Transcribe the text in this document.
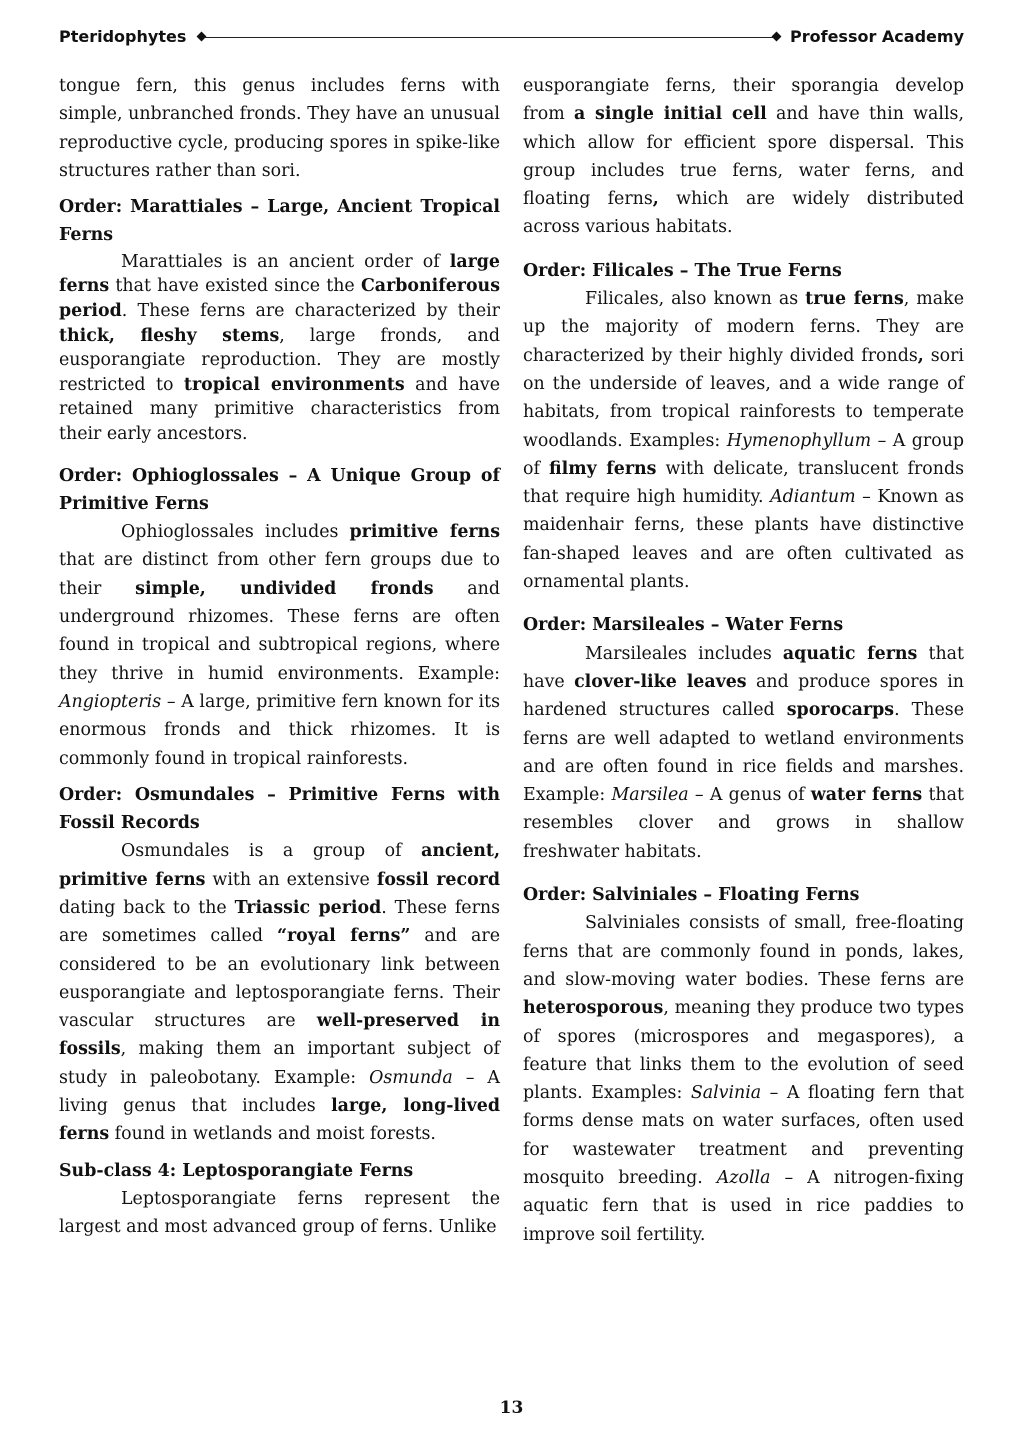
Pteridophytes	Professor Academy

tongue fern, this genus includes ferns with simple, unbranched fronds. They have an unusual reproductive cycle, producing spores in spike-like structures rather than sori.

Order: Marattiales – Large, Ancient Tropical Ferns

Marattiales is an ancient order of large ferns that have existed since the Carboniferous period. These ferns are characterized by their thick, fleshy stems, large fronds, and eusporangiate reproduction. They are mostly restricted to tropical environments and have retained many primitive characteristics from their early ancestors.

Order: Ophioglossales – A Unique Group of Primitive Ferns

Ophioglossales includes primitive ferns that are distinct from other fern groups due to their simple, undivided fronds and underground rhizomes. These ferns are often found in tropical and subtropical regions, where they thrive in humid environments. Example: Angiopteris – A large, primitive fern known for its enormous fronds and thick rhizomes. It is commonly found in tropical rainforests.

Order: Osmundales – Primitive Ferns with Fossil Records

Osmundales is a group of ancient, primitive ferns with an extensive fossil record dating back to the Triassic period. These ferns are sometimes called “royal ferns” and are considered to be an evolutionary link between eusporangiate and leptosporangiate ferns. Their vascular structures are well-preserved in fossils, making them an important subject of study in paleobotany. Example: Osmunda – A living genus that includes large, long-lived ferns found in wetlands and moist forests.

Sub-class 4: Leptosporangiate Ferns

Leptosporangiate ferns represent the largest and most advanced group of ferns. Unlike

eusporangiate ferns, their sporangia develop from a single initial cell and have thin walls, which allow for efficient spore dispersal. This group includes true ferns, water ferns, and floating ferns, which are widely distributed across various habitats.

Order: Filicales – The True Ferns

Filicales, also known as true ferns, make up the majority of modern ferns. They are characterized by their highly divided fronds, sori on the underside of leaves, and a wide range of habitats, from tropical rainforests to temperate woodlands. Examples: Hymenophyllum – A group of filmy ferns with delicate, translucent fronds that require high humidity. Adiantum – Known as maidenhair ferns, these plants have distinctive fan-shaped leaves and are often cultivated as ornamental plants.

Order: Marsileales – Water Ferns

Marsileales includes aquatic ferns that have clover-like leaves and produce spores in hardened structures called sporocarps. These ferns are well adapted to wetland environments and are often found in rice fields and marshes. Example: Marsilea – A genus of water ferns that resembles clover and grows in shallow freshwater habitats.

Order: Salviniales – Floating Ferns

Salviniales consists of small, free-floating ferns that are commonly found in ponds, lakes, and slow-moving water bodies. These ferns are heterosporous, meaning they produce two types of spores (microspores and megaspores), a feature that links them to the evolution of seed plants. Examples: Salvinia – A floating fern that forms dense mats on water surfaces, often used for wastewater treatment and preventing mosquito breeding. Azolla – A nitrogen-fixing aquatic fern that is used in rice paddies to improve soil fertility.

13
